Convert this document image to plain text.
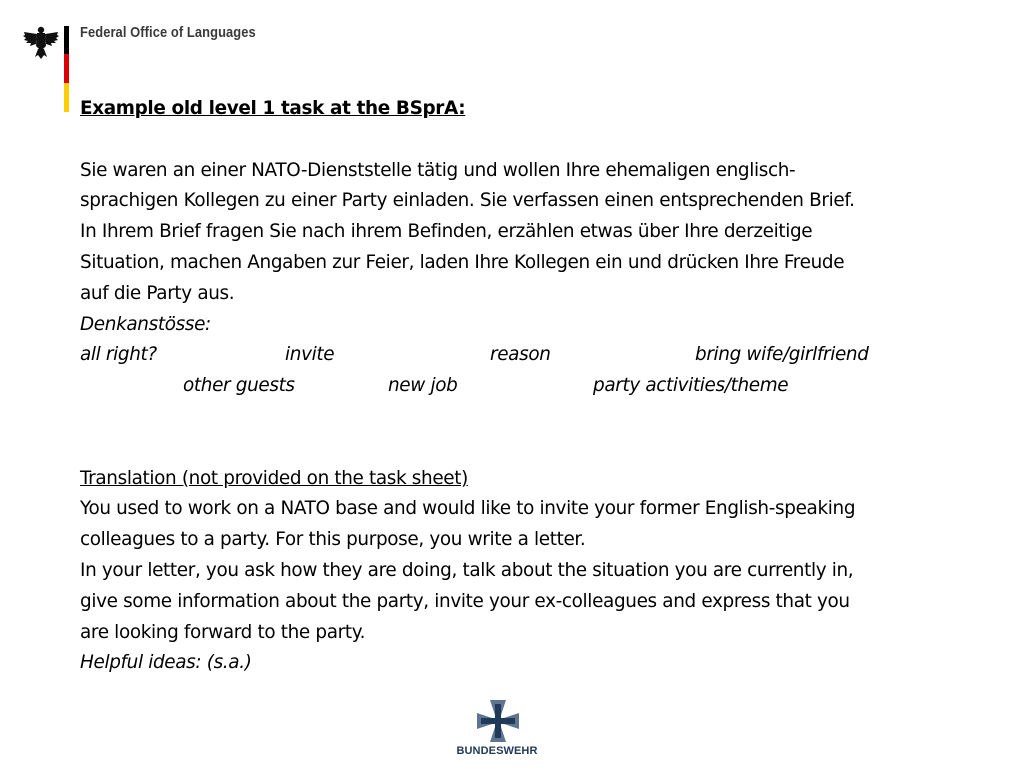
Federal Office of Languages
Example old level 1 task at the BSprA:
Sie waren an einer NATO-Dienststelle tätig und wollen Ihre ehemaligen englisch-
sprachigen Kollegen zu einer Party einladen. Sie verfassen einen entsprechenden Brief.
In Ihrem Brief fragen Sie nach ihrem Befinden, erzählen etwas über Ihre derzeitige
Situation, machen Angaben zur Feier, laden Ihre Kollegen ein und drücken Ihre Freude
auf die Party aus.
Denkanstösse:
all right?	invite	reason	bring wife/girlfriend
other guests	new job	party activities/theme
Translation (not provided on the task sheet)
You used to work on a NATO base and would like to invite your former English-speaking
colleagues to a party. For this purpose, you write a letter.
In your letter, you ask how they are doing, talk about the situation you are currently in,
give some information about the party, invite your ex-colleagues and express that you
are looking forward to the party.
Helpful ideas: (s.a.)
BUNDESWEHR
